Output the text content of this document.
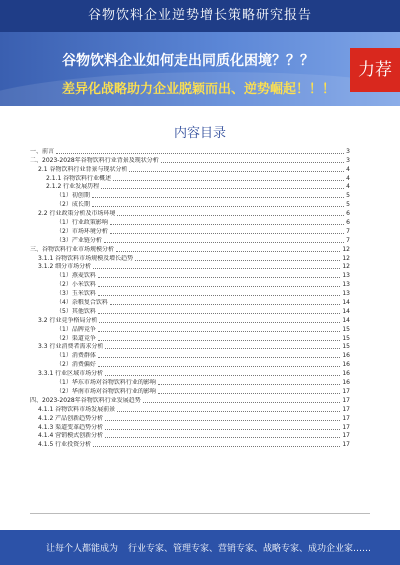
谷物饮料企业逆势增长策略研究报告
谷物饮料企业如何走出同质化困境？？？
差异化战略助力企业脱颖而出、逆势崛起！！！
力荐
内容目录
一、前言	3
二、2023-2028年谷物饮料行业背景及现状分析	3
2.1 谷物饮料行业背景与现状分析	4
2.1.1 谷物饮料行业概述	4
2.1.2 行业发展历程	4
（1）初创期	5
（2）成长期	5
2.2 行业政策分析及市场环境	6
（1）行业政策影响	6
（2）市场环境分析	7
（3）产业链分析	7
三、谷物饮料行业市场规模分析	12
3.1.1 谷物饮料市场规模及增长趋势	12
3.1.2 细分市场分析	12
（1）燕麦饮料	13
（2）小米饮料	13
（3）玉米饮料	13
（4）杂粮复合饮料	14
（5）其他饮料	14
3.2 行业竞争格局分析	14
（1）品牌竞争	15
（2）渠道竞争	15
3.3 行业消费者需求分析	15
（1）消费群体	16
（2）消费偏好	16
3.3.1 行业区域市场分析	16
（1）华东市场对谷物饮料行业的影响	16
（2）华南市场对谷物饮料行业的影响	17
四、2023-2028年谷物饮料行业发展趋势	17
4.1.1 谷物饮料市场发展前景	17
4.1.2 产品创新趋势分析	17
4.1.3 渠道变革趋势分析	17
4.1.4 营销模式创新分析	17
4.1.5 行业投资分析	17
让每个人都能成为 行业专家、管理专家、营销专家、战略专家、成功企业家……
